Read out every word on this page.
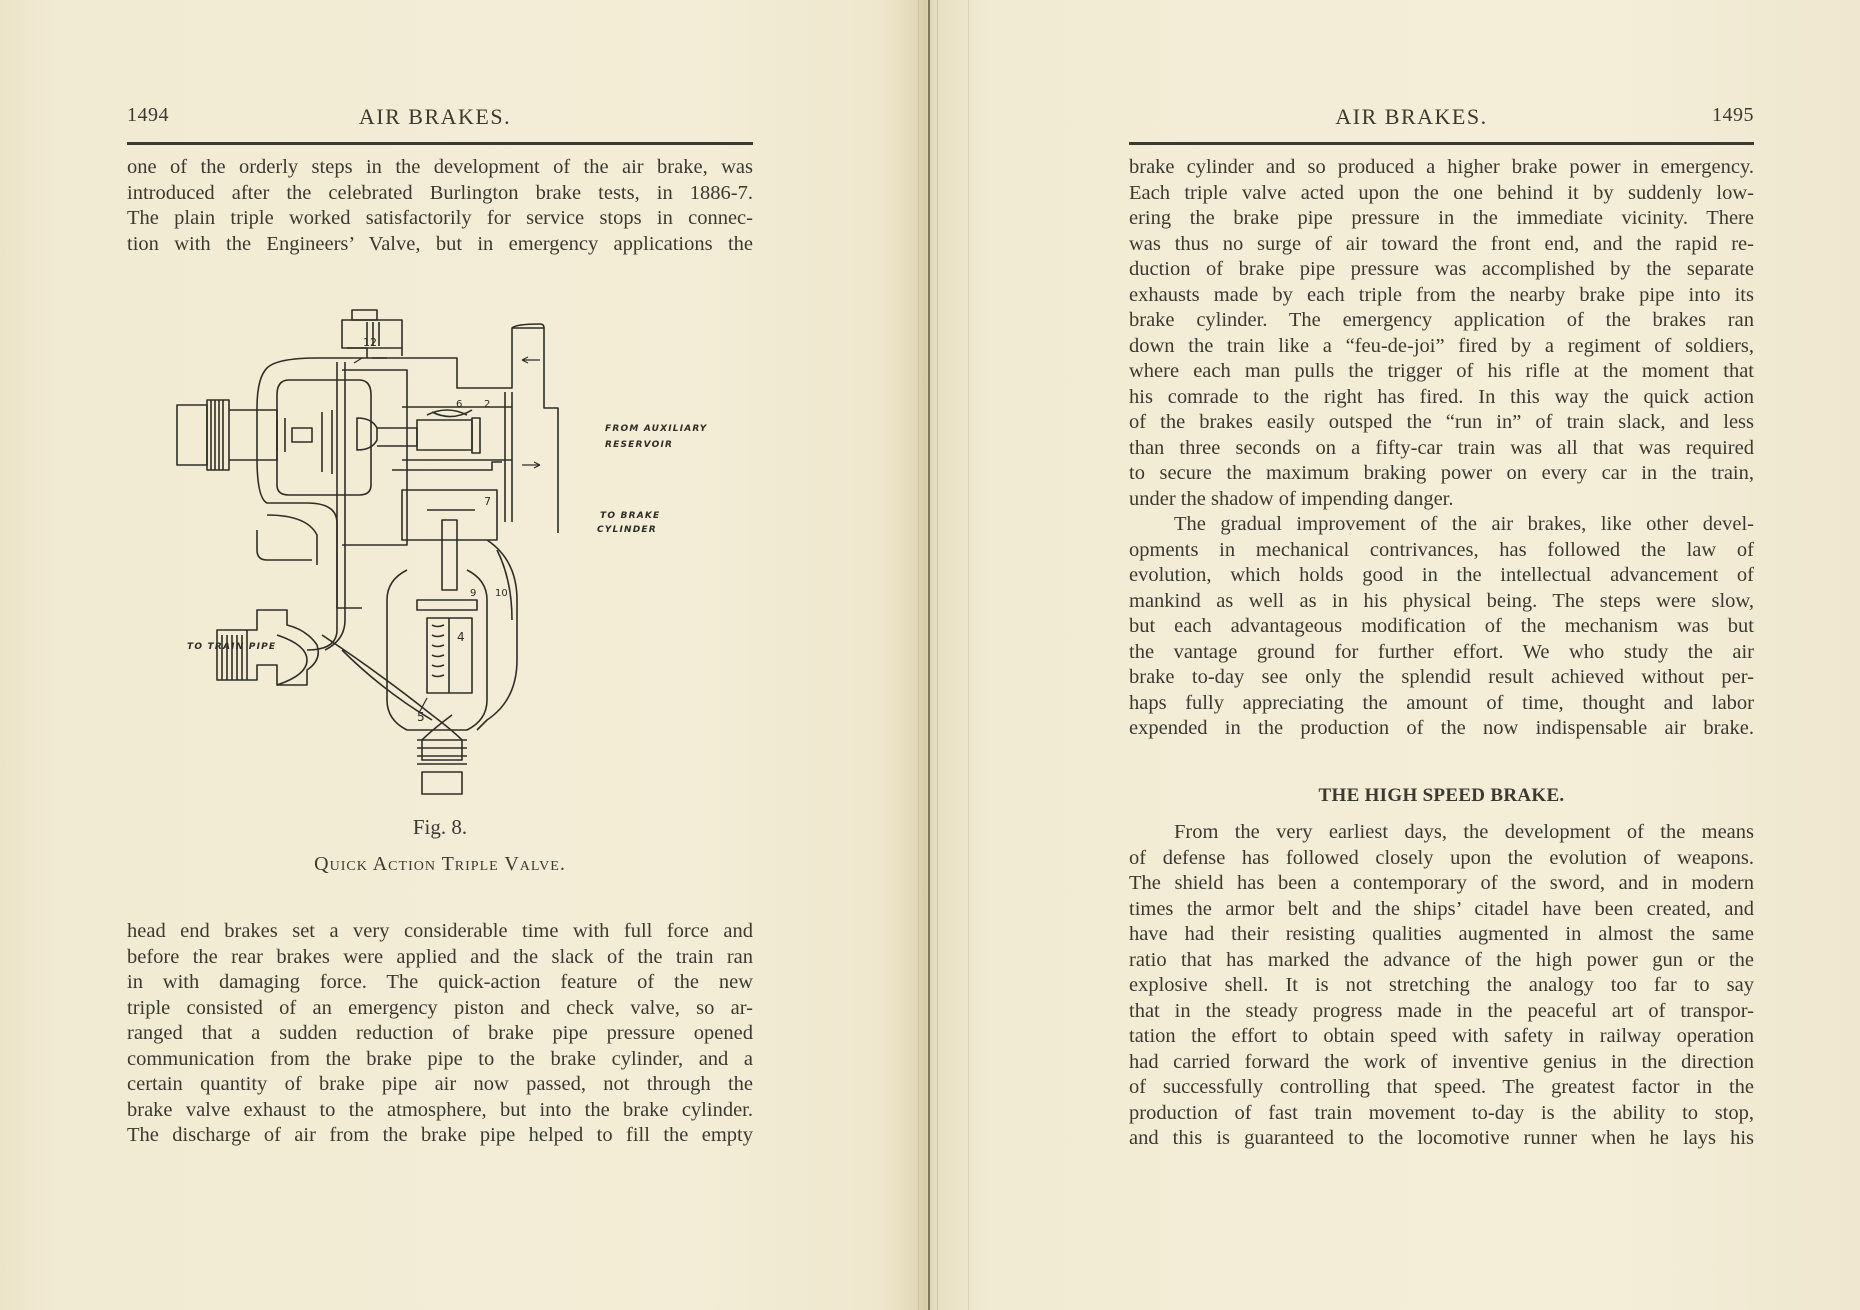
1494	AIR BRAKES.
one of the orderly steps in the development of the air brake, was
introduced after the celebrated Burlington brake tests, in 1886-7.
The plain triple worked satisfactorily for service stops in connec-
tion with the Engineers’ Valve, but in emergency applications the
12
6 2
7
9 10
4
5
FROM AUXILIARY
RESERVOIR
TO BRAKE
CYLINDER
TO TRAIN PIPE
Fig. 8.
Quick Action Triple Valve.
head end brakes set a very considerable time with full force and
before the rear brakes were applied and the slack of the train ran
in with damaging force. The quick-action feature of the new
triple consisted of an emergency piston and check valve, so ar-
ranged that a sudden reduction of brake pipe pressure opened
communication from the brake pipe to the brake cylinder, and a
certain quantity of brake pipe air now passed, not through the
brake valve exhaust to the atmosphere, but into the brake cylinder.
The discharge of air from the brake pipe helped to fill the empty
AIR BRAKES.	1495
brake cylinder and so produced a higher brake power in emergency.
Each triple valve acted upon the one behind it by suddenly low-
ering the brake pipe pressure in the immediate vicinity. There
was thus no surge of air toward the front end, and the rapid re-
duction of brake pipe pressure was accomplished by the separate
exhausts made by each triple from the nearby brake pipe into its
brake cylinder. The emergency application of the brakes ran
down the train like a “feu-de-joi” fired by a regiment of soldiers,
where each man pulls the trigger of his rifle at the moment that
his comrade to the right has fired. In this way the quick action
of the brakes easily outsped the “run in” of train slack, and less
than three seconds on a fifty-car train was all that was required
to secure the maximum braking power on every car in the train,
under the shadow of impending danger.
The gradual improvement of the air brakes, like other devel-
opments in mechanical contrivances, has followed the law of
evolution, which holds good in the intellectual advancement of
mankind as well as in his physical being. The steps were slow,
but each advantageous modification of the mechanism was but
the vantage ground for further effort. We who study the air
brake to-day see only the splendid result achieved without per-
haps fully appreciating the amount of time, thought and labor
expended in the production of the now indispensable air brake.
THE HIGH SPEED BRAKE.
From the very earliest days, the development of the means
of defense has followed closely upon the evolution of weapons.
The shield has been a contemporary of the sword, and in modern
times the armor belt and the ships’ citadel have been created, and
have had their resisting qualities augmented in almost the same
ratio that has marked the advance of the high power gun or the
explosive shell. It is not stretching the analogy too far to say
that in the steady progress made in the peaceful art of transpor-
tation the effort to obtain speed with safety in railway operation
had carried forward the work of inventive genius in the direction
of successfully controlling that speed. The greatest factor in the
production of fast train movement to-day is the ability to stop,
and this is guaranteed to the locomotive runner when he lays his
